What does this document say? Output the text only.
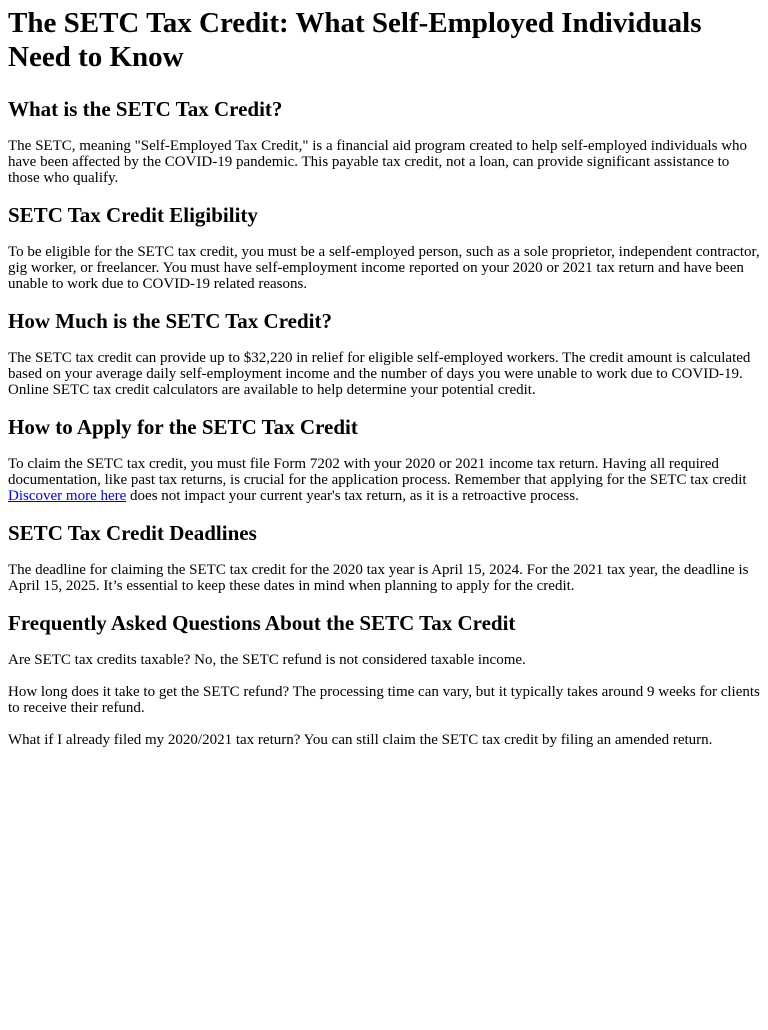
The SETC Tax Credit: What Self-Employed Individuals Need to Know
What is the SETC Tax Credit?

The SETC, meaning "Self-Employed Tax Credit," is a financial aid program created to help self-employed individuals who have been affected by the COVID-19 pandemic. This payable tax credit, not a loan, can provide significant assistance to those who qualify.

SETC Tax Credit Eligibility

To be eligible for the SETC tax credit, you must be a self-employed person, such as a sole proprietor, independent contractor, gig worker, or freelancer. You must have self-employment income reported on your 2020 or 2021 tax return and have been unable to work due to COVID-19 related reasons.

How Much is the SETC Tax Credit?

The SETC tax credit can provide up to $32,220 in relief for eligible self-employed workers. The credit amount is calculated based on your average daily self-employment income and the number of days you were unable to work due to COVID-19. Online SETC tax credit calculators are available to help determine your potential credit.

How to Apply for the SETC Tax Credit

To claim the SETC tax credit, you must file Form 7202 with your 2020 or 2021 income tax return. Having all required documentation, like past tax returns, is crucial for the application process. Remember that applying for the SETC tax credit Discover more here does not impact your current year's tax return, as it is a retroactive process.

SETC Tax Credit Deadlines

The deadline for claiming the SETC tax credit for the 2020 tax year is April 15, 2024. For the 2021 tax year, the deadline is April 15, 2025. It’s essential to keep these dates in mind when planning to apply for the credit.

Frequently Asked Questions About the SETC Tax Credit

Are SETC tax credits taxable? No, the SETC refund is not considered taxable income.

How long does it take to get the SETC refund? The processing time can vary, but it typically takes around 9 weeks for clients to receive their refund.

What if I already filed my 2020/2021 tax return? You can still claim the SETC tax credit by filing an amended return.
